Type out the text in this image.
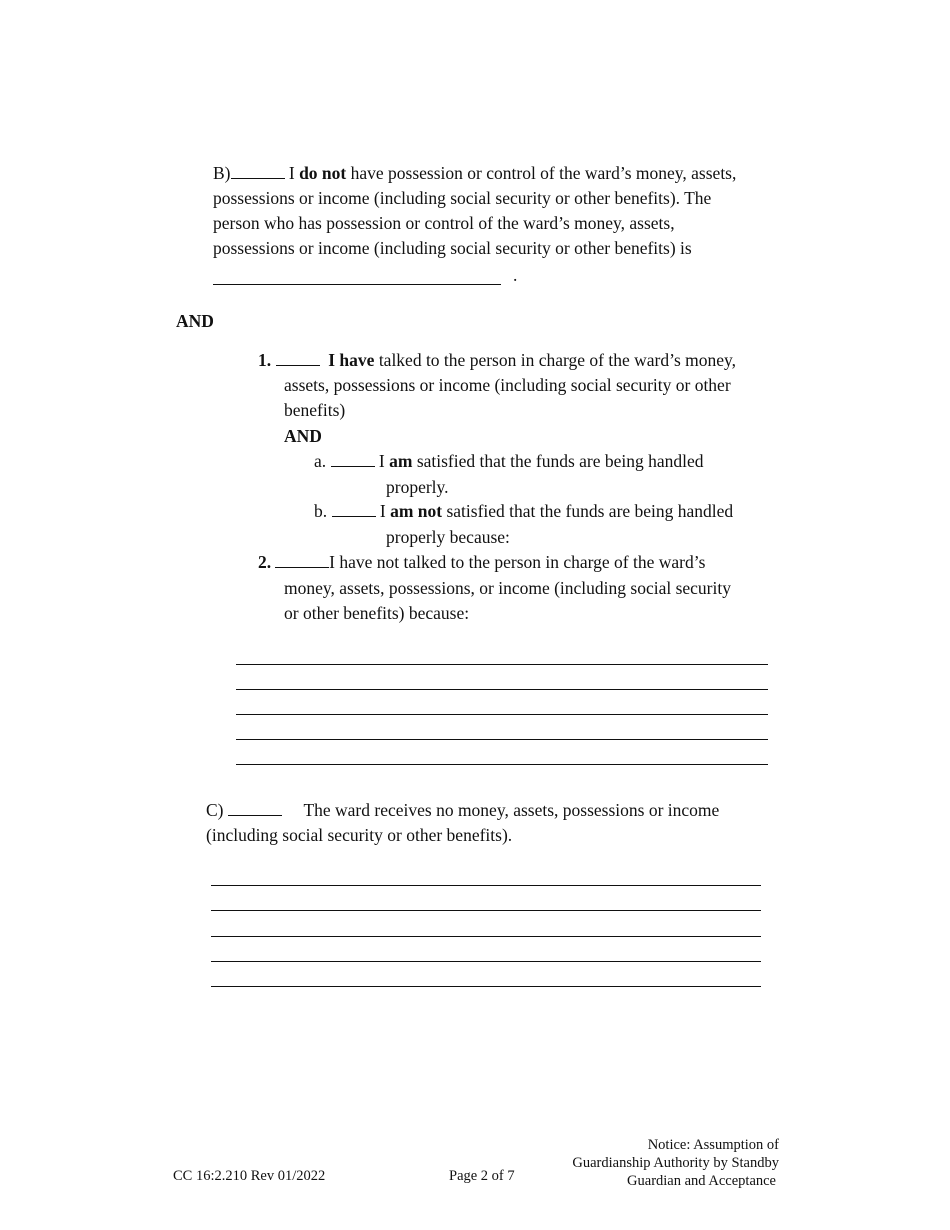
B)	I do not have possession or control of the ward’s money, assets,
possessions or income (including social security or other benefits). The
person who has possession or control of the ward’s money, assets,
possessions or income (including social security or other benefits) is
.
AND
1.	I have talked to the person in charge of the ward’s money,
assets, possessions or income (including social security or other
benefits)
AND
a.	I am satisfied that the funds are being handled
properly.
b.	I am not satisfied that the funds are being handled
properly because:
2.	I have not talked to the person in charge of the ward’s
money, assets, possessions, or income (including social security
or other benefits) because:
C)	The ward receives no money, assets, possessions or income
(including social security or other benefits).
CC 16:2.210 Rev 01/2022	Page 2 of 7
Notice: Assumption of
Guardianship Authority by Standby
Guardian and Acceptance
